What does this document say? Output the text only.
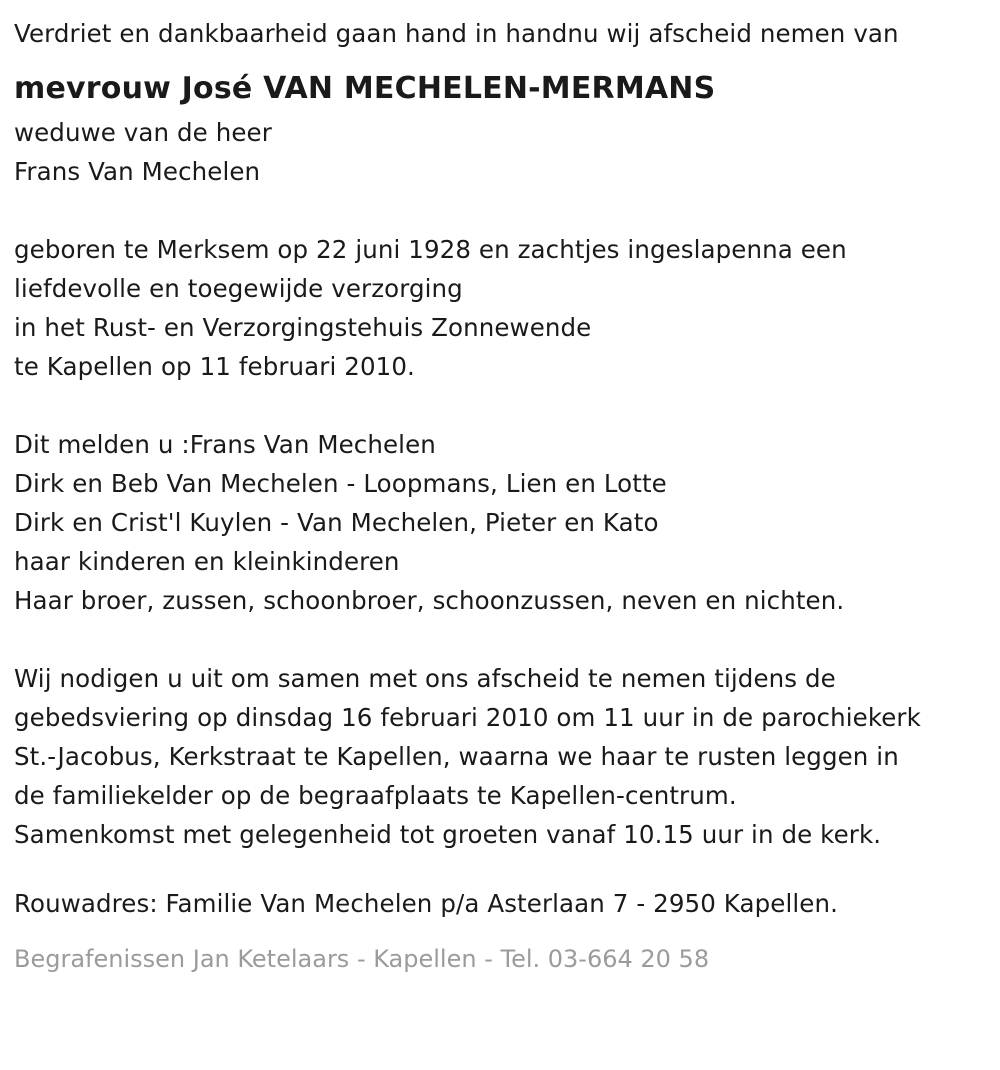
Verdriet en dankbaarheid gaan hand in handnu wij afscheid nemen van
mevrouw José VAN MECHELEN-MERMANS
weduwe van de heer
Frans Van Mechelen
geboren te Merksem op 22 juni 1928 en zachtjes ingeslapenna een
liefdevolle en toegewijde verzorging
in het Rust- en Verzorgingstehuis Zonnewende
te Kapellen op 11 februari 2010.
Dit melden u :Frans Van Mechelen
Dirk en Beb Van Mechelen - Loopmans, Lien en Lotte
Dirk en Crist'l Kuylen - Van Mechelen, Pieter en Kato
haar kinderen en kleinkinderen
Haar broer, zussen, schoonbroer, schoonzussen, neven en nichten.
Wij nodigen u uit om samen met ons afscheid te nemen tijdens de
gebedsviering op dinsdag 16 februari 2010 om 11 uur in de parochiekerk
St.-Jacobus, Kerkstraat te Kapellen, waarna we haar te rusten leggen in
de familiekelder op de begraafplaats te Kapellen-centrum.
Samenkomst met gelegenheid tot groeten vanaf 10.15 uur in de kerk.
Rouwadres: Familie Van Mechelen p/a Asterlaan 7 - 2950 Kapellen.
Begrafenissen Jan Ketelaars - Kapellen - Tel. 03-664 20 58
